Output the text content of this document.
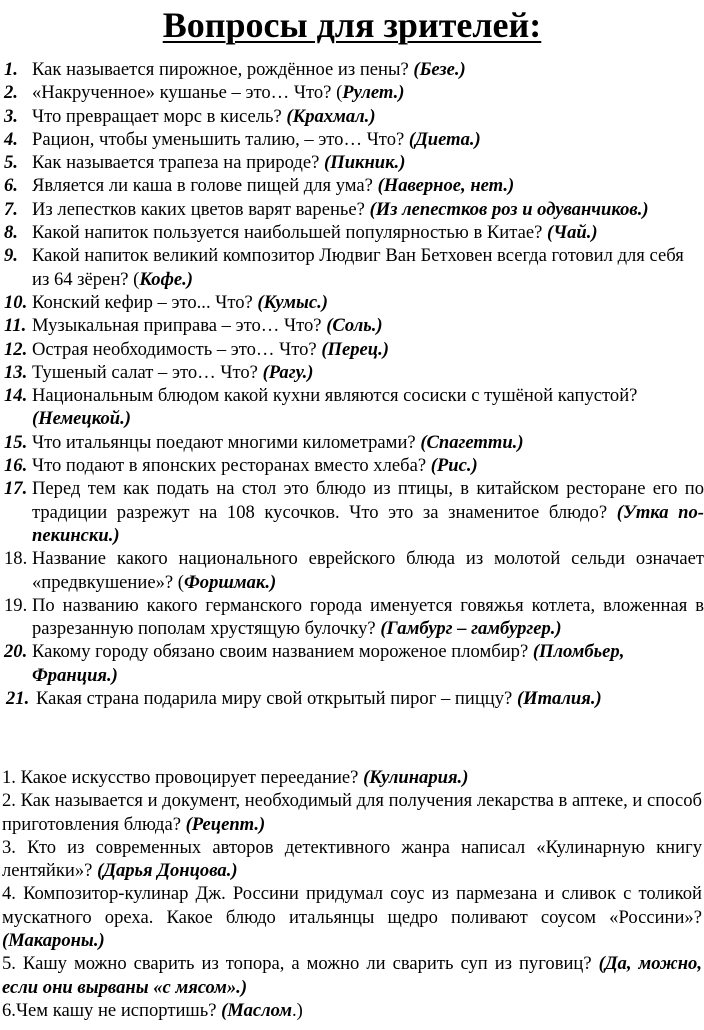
Вопросы для зрителей:
1. Как называется пирожное, рождённое из пены? (Безе.)
2. «Накрученное» кушанье – это… Что? (Рулет.)
3. Что превращает морс в кисель? (Крахмал.)
4. Рацион, чтобы уменьшить талию, – это… Что? (Диета.)
5. Как называется трапеза на природе? (Пикник.)
6. Является ли каша в голове пищей для ума? (Наверное, нет.)
7. Из лепестков каких цветов варят варенье? (Из лепестков роз и одуванчиков.)
8. Какой напиток пользуется наибольшей популярностью в Китае? (Чай.)
9. Какой напиток великий композитор Людвиг Ван Бетховен всегда готовил для себя из 64 зёрен? (Кофе.)
10. Конский кефир – это... Что? (Кумыс.)
11. Музыкальная приправа – это… Что? (Соль.)
12. Острая необходимость – это… Что? (Перец.)
13. Тушеный салат – это… Что? (Рагу.)
14. Национальным блюдом какой кухни являются сосиски с тушёной капустой? (Немецкой.)
15. Что итальянцы поедают многими километрами? (Спагетти.)
16. Что подают в японских ресторанах вместо хлеба? (Рис.)
17. Перед тем как подать на стол это блюдо из птицы, в китайском ресторане его по традиции разрежут на 108 кусочков. Что это за знаменитое блюдо? (Утка по-пекински.)
18. Название какого национального еврейского блюда из молотой сельди означает «предвкушение»? (Форшмак.)
19. По названию какого германского города именуется говяжья котлета, вложенная в разрезанную пополам хрустящую булочку? (Гамбург – гамбургер.)
20. Какому городу обязано своим названием мороженое пломбир? (Пломбьер, Франция.)
21. Какая страна подарила миру свой открытый пирог – пиццу? (Италия.)
1. Какое искусство провоцирует переедание? (Кулинария.)
2. Как называется и документ, необходимый для получения лекарства в аптеке, и способ приготовления блюда? (Рецепт.)
3. Кто из современных авторов детективного жанра написал «Кулинарную книгу лентяйки»? (Дарья Донцова.)
4. Композитор-кулинар Дж. Россини придумал соус из пармезана и сливок с толикой мускатного ореха. Какое блюдо итальянцы щедро поливают соусом «Россини»? (Макароны.)
5. Кашу можно сварить из топора, а можно ли сварить суп из пуговиц? (Да, можно, если они вырваны «с мясом».)
6.Чем кашу не испортишь? (Маслом.)
